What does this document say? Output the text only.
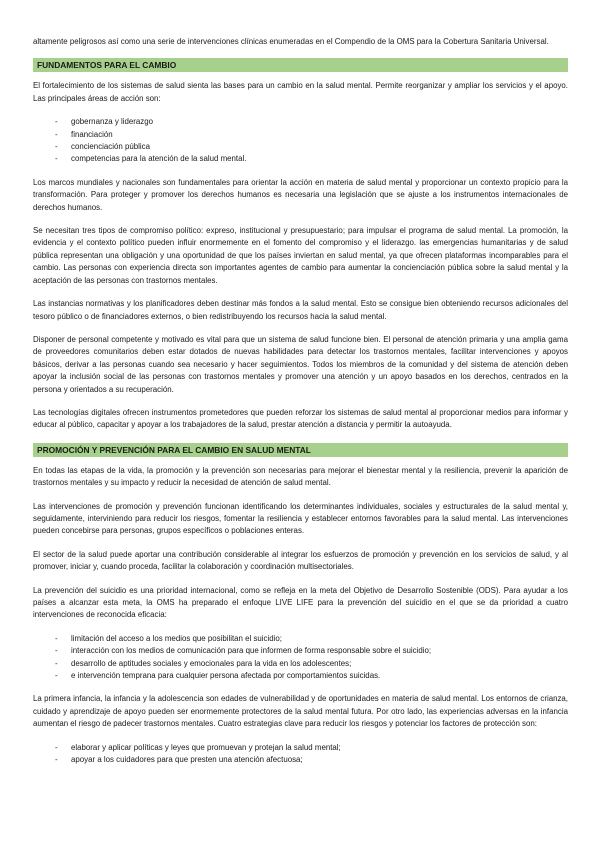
altamente peligrosos así como una serie de intervenciones clínicas enumeradas en el Compendio de la OMS para la Cobertura Sanitaria Universal.

FUNDAMENTOS PARA EL CAMBIO

El fortalecimiento de los sistemas de salud sienta las bases para un cambio en la salud mental. Permite reorganizar y ampliar los servicios y el apoyo. Las principales áreas de acción son:

- gobernanza y liderazgo
- financiación
- concienciación pública
- competencias para la atención de la salud mental.

Los marcos mundiales y nacionales son fundamentales para orientar la acción en materia de salud mental y proporcionar un contexto propicio para la transformación. Para proteger y promover los derechos humanos es necesaria una legislación que se ajuste a los instrumentos internacionales de derechos humanos.

Se necesitan tres tipos de compromiso político: expreso, institucional y presupuestario; para impulsar el programa de salud mental. La promoción, la evidencia y el contexto político pueden influir enormemente en el fomento del compromiso y el liderazgo. las emergencias humanitarias y de salud pública representan una obligación y una oportunidad de que los países inviertan en salud mental, ya que ofrecen plataformas incomparables para el cambio. Las personas con experiencia directa son importantes agentes de cambio para aumentar la concienciación pública sobre la salud mental y la aceptación de las personas con trastornos mentales.

Las instancias normativas y los planificadores deben destinar más fondos a la salud mental. Esto se consigue bien obteniendo recursos adicionales del tesoro público o de financiadores externos, o bien redistribuyendo los recursos hacia la salud mental.

Disponer de personal competente y motivado es vital para que un sistema de salud funcione bien. El personal de atención primaria y una amplia gama de proveedores comunitarios deben estar dotados de nuevas habilidades para detectar los trastornos mentales, facilitar intervenciones y apoyos básicos, derivar a las personas cuando sea necesario y hacer seguimientos. Todos los miembros de la comunidad y del sistema de atención deben apoyar la inclusión social de las personas con trastornos mentales y promover una atención y un apoyo basados en los derechos, centrados en la persona y orientados a su recuperación.

Las tecnologías digitales ofrecen instrumentos prometedores que pueden reforzar los sistemas de salud mental al proporcionar medios para informar y educar al público, capacitar y apoyar a los trabajadores de la salud, prestar atención a distancia y permitir la autoayuda.

PROMOCIÓN Y PREVENCIÓN PARA EL CAMBIO EN SALUD MENTAL

En todas las etapas de la vida, la promoción y la prevención son necesarias para mejorar el bienestar mental y la resiliencia, prevenir la aparición de trastornos mentales y su impacto y reducir la necesidad de atención de salud mental.

Las intervenciones de promoción y prevención funcionan identificando los determinantes individuales, sociales y estructurales de la salud mental y, seguidamente, interviniendo para reducir los riesgos, fomentar la resiliencia y establecer entornos favorables para la salud mental. Las intervenciones pueden concebirse para personas, grupos específicos o poblaciones enteras.

El sector de la salud puede aportar una contribución considerable al integrar los esfuerzos de promoción y prevención en los servicios de salud, y al promover, iniciar y, cuando proceda, facilitar la colaboración y coordinación multisectoriales.

La prevención del suicidio es una prioridad internacional, como se refleja en la meta del Objetivo de Desarrollo Sostenible (ODS). Para ayudar a los países a alcanzar esta meta, la OMS ha preparado el enfoque LIVE LIFE para la prevención del suicidio en el que se da prioridad a cuatro intervenciones de reconocida eficacia:

- limitación del acceso a los medios que posibilitan el suicidio;
- interacción con los medios de comunicación para que informen de forma responsable sobre el suicidio;
- desarrollo de aptitudes sociales y emocionales para la vida en los adolescentes;
- e intervención temprana para cualquier persona afectada por comportamientos suicidas.

La primera infancia, la infancia y la adolescencia son edades de vulnerabilidad y de oportunidades en materia de salud mental. Los entornos de crianza, cuidado y aprendizaje de apoyo pueden ser enormemente protectores de la salud mental futura. Por otro lado, las experiencias adversas en la infancia aumentan el riesgo de padecer trastornos mentales. Cuatro estrategias clave para reducir los riesgos y potenciar los factores de protección son:

- elaborar y aplicar políticas y leyes que promuevan y protejan la salud mental;
- apoyar a los cuidadores para que presten una atención afectuosa;
